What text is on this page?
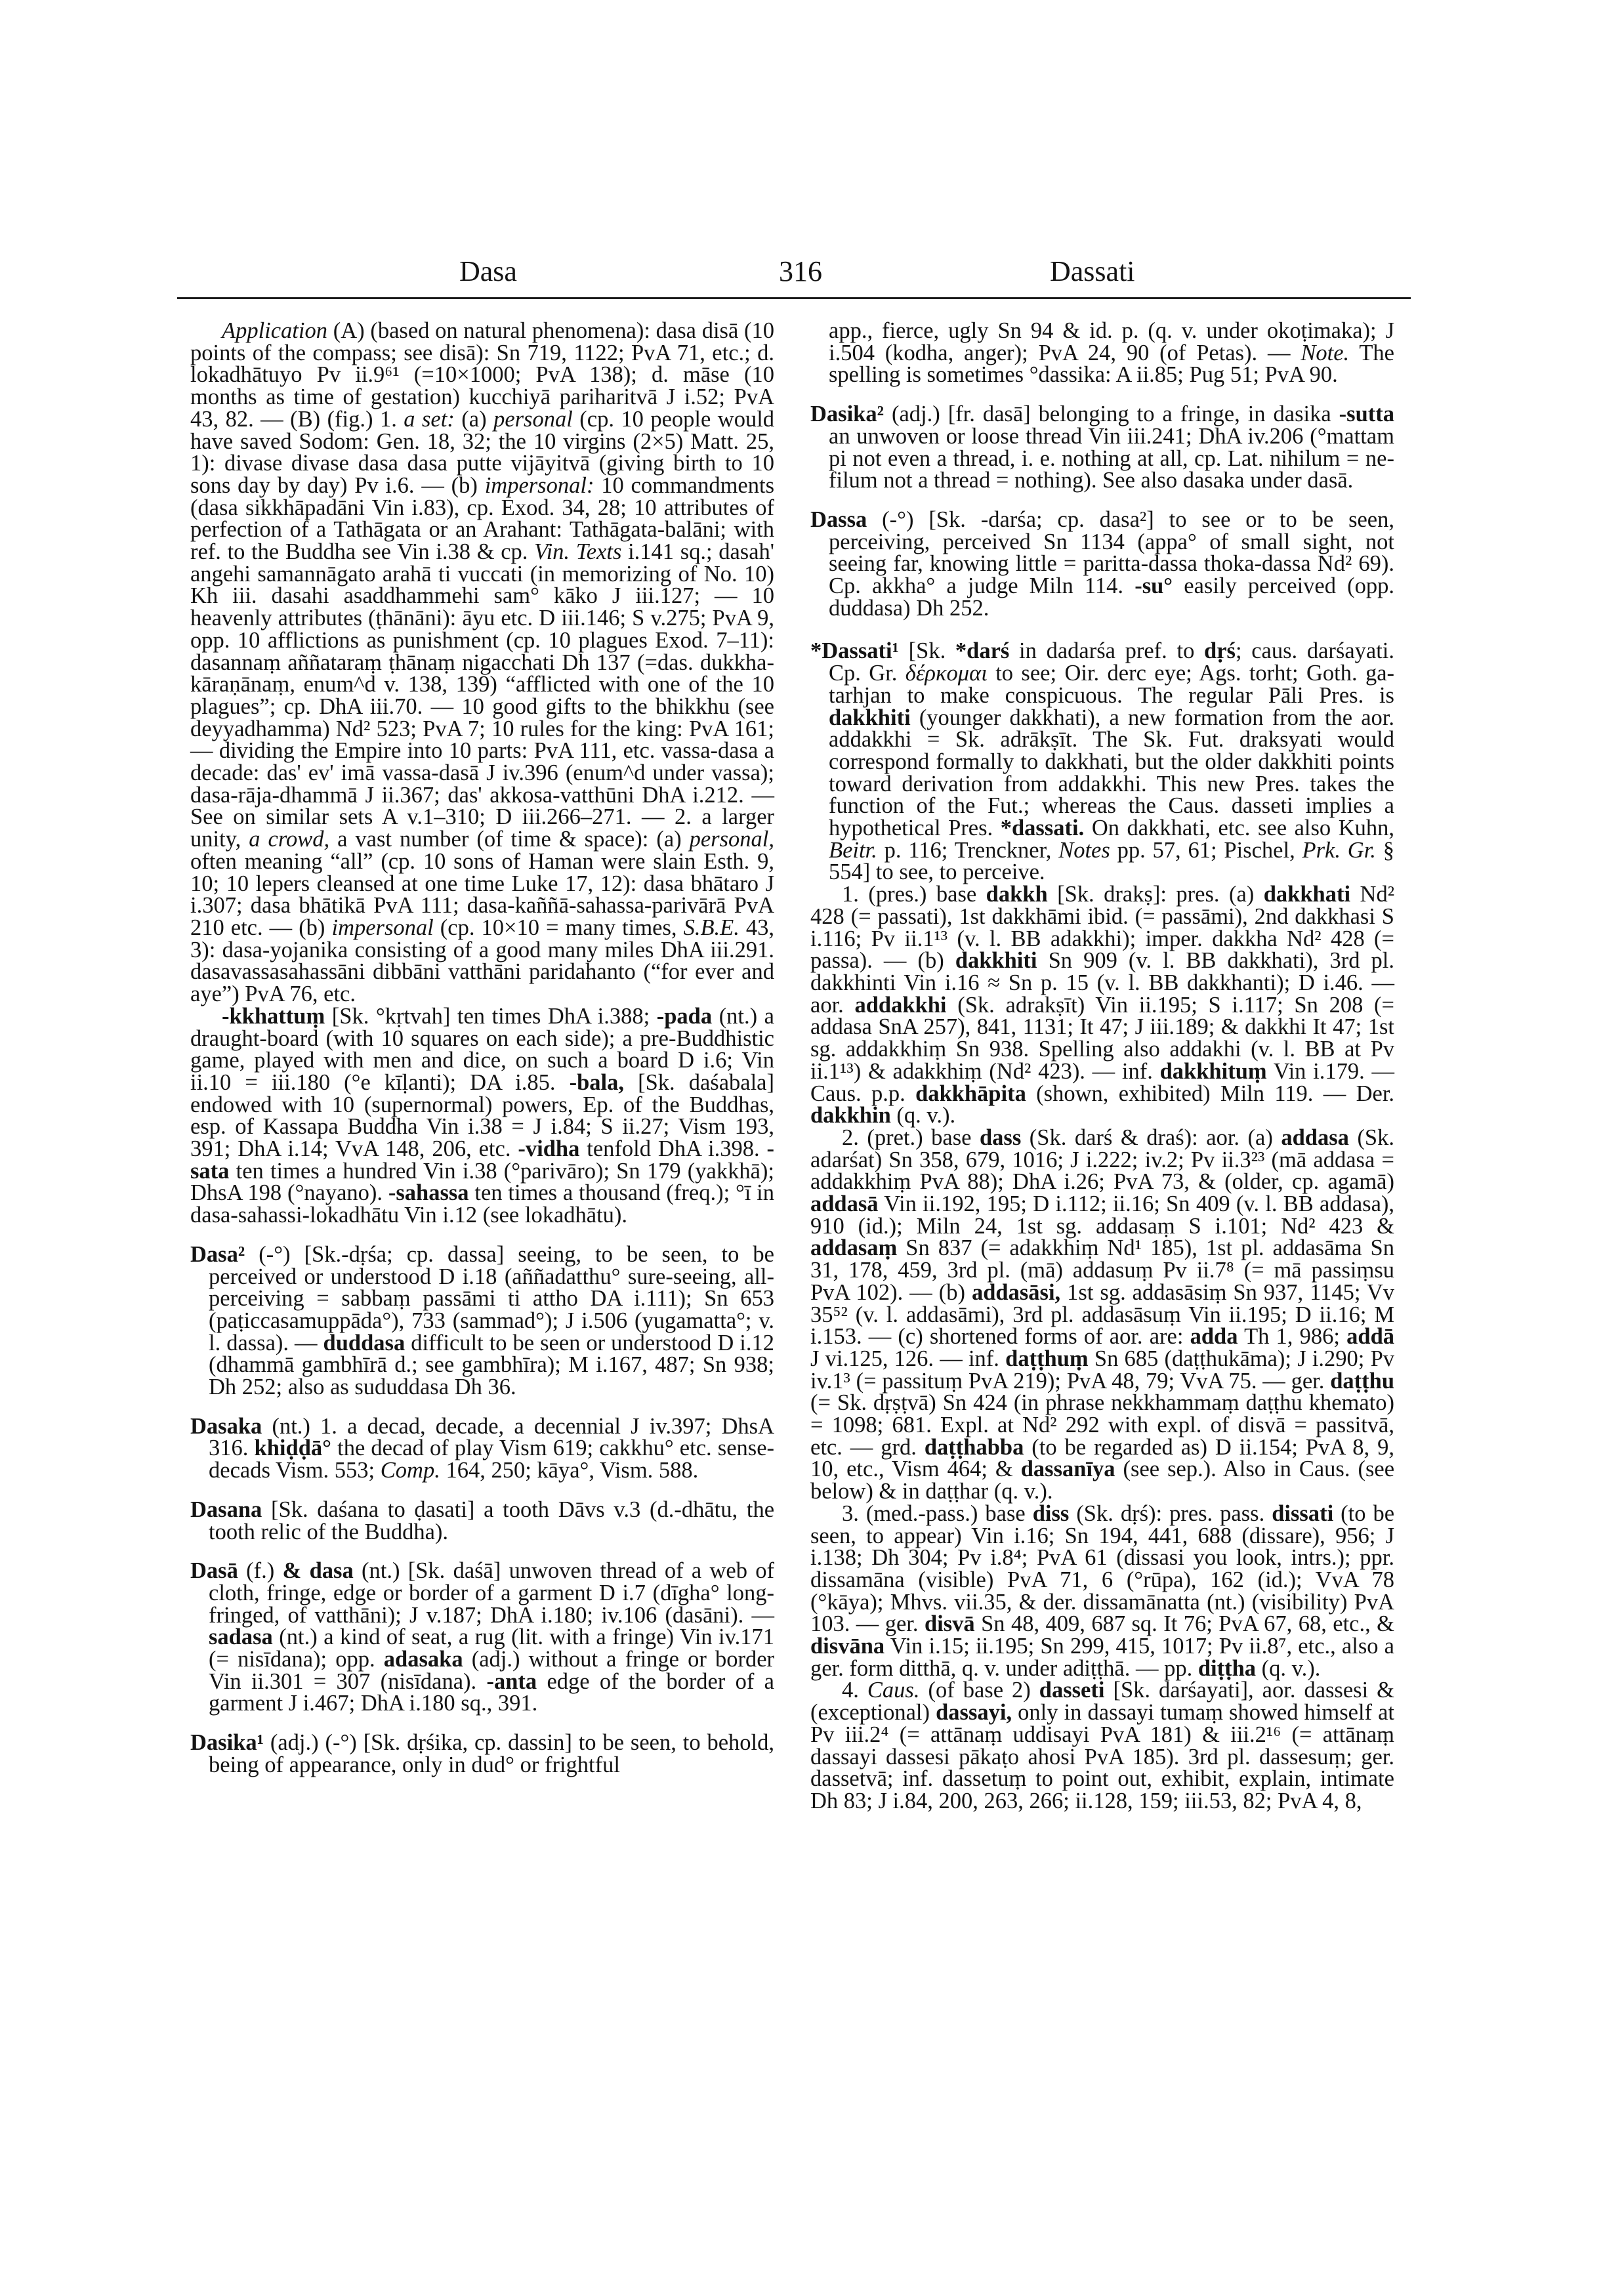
Dasa	316	Dassati

Application (A) (based on natural phenomena): dasa disā (10 points of the compass; see disā): Sn 719, 1122; PvA 71, etc.; d. lokadhātuyo Pv ii.9⁶¹ (=10×1000; PvA 138); d. māse (10 months as time of gestation) kucchiyā pariharitvā J i.52; PvA 43, 82. — (B) (fig.) 1. a set: (a) personal (cp. 10 people would have saved Sodom: Gen. 18, 32; the 10 virgins (2×5) Matt. 25, 1): divase divase dasa dasa putte vijāyitvā (giving birth to 10 sons day by day) Pv i.6. — (b) impersonal: 10 commandments (dasa sikkhāpadāni Vin i.83), cp. Exod. 34, 28; 10 attributes of perfection of a Tathāgata or an Arahant: Tathāgata-balāni; with ref. to the Buddha see Vin i.38 & cp. Vin. Texts i.141 sq.; dasah' angehi samannāgato arahā ti vuccati (in memorizing of No. 10) Kh iii. dasahi asaddhammehi sam° kāko J iii.127; — 10 heavenly attributes (ṭhānāni): āyu etc. D iii.146; S v.275; PvA 9, opp. 10 afflictions as punishment (cp. 10 plagues Exod. 7–11): dasannaṃ aññataraṃ ṭhānaṃ nigacchati Dh 137 (=das. dukkha-kāraṇānaṃ, enum^d v. 138, 139) “afflicted with one of the 10 plagues”; cp. DhA iii.70. — 10 good gifts to the bhikkhu (see deyyadhamma) Nd² 523; PvA 7; 10 rules for the king: PvA 161; — dividing the Empire into 10 parts: PvA 111, etc. vassa-dasa a decade: das' ev' imā vassa-dasā J iv.396 (enum^d under vassa); dasa-rāja-dhammā J ii.367; das' akkosa-vatthūni DhA i.212. — See on similar sets A v.1–310; D iii.266–271. — 2. a larger unity, a crowd, a vast number (of time & space): (a) personal, often meaning “all” (cp. 10 sons of Haman were slain Esth. 9, 10; 10 lepers cleansed at one time Luke 17, 12): dasa bhātaro J i.307; dasa bhātikā PvA 111; dasa-kaññā-sahassa-parivārā PvA 210 etc. — (b) impersonal (cp. 10×10 = many times, S.B.E. 43, 3): dasa-yojanika consisting of a good many miles DhA iii.291. dasavassasahassāni dibbāni vatthāni paridahanto (“for ever and aye”) PvA 76, etc.

-kkhattuṃ [Sk. °kṛtvah] ten times DhA i.388; -pada (nt.) a draught-board (with 10 squares on each side); a pre-Buddhistic game, played with men and dice, on such a board D i.6; Vin ii.10 = iii.180 (°e kīḷanti); DA i.85. -bala, [Sk. daśabala] endowed with 10 (supernormal) powers, Ep. of the Buddhas, esp. of Kassapa Buddha Vin i.38 = J i.84; S ii.27; Vism 193, 391; DhA i.14; VvA 148, 206, etc. -vidha tenfold DhA i.398. -sata ten times a hundred Vin i.38 (°parivāro); Sn 179 (yakkhā); DhsA 198 (°nayano). -sahassa ten times a thousand (freq.); °ī in dasa-sahassi-lokadhātu Vin i.12 (see lokadhātu).

Dasa² (-°) [Sk.-dṛśa; cp. dassa] seeing, to be seen, to be perceived or understood D i.18 (aññadatthu° sure-seeing, all-perceiving = sabbaṃ passāmi ti attho DA i.111); Sn 653 (paṭiccasamuppāda°), 733 (sammad°); J i.506 (yugamatta°; v. l. dassa). — duddasa difficult to be seen or understood D i.12 (dhammā gambhīrā d.; see gambhīra); M i.167, 487; Sn 938; Dh 252; also as sududdasa Dh 36.

Dasaka (nt.) 1. a decad, decade, a decennial J iv.397; DhsA 316. khiḍḍā° the decad of play Vism 619; cakkhu° etc. sense-decads Vism. 553; Comp. 164, 250; kāya°, Vism. 588.

Dasana [Sk. daśana to ḍasati] a tooth Dāvs v.3 (d.-dhātu, the tooth relic of the Buddha).

Dasā (f.) & dasa (nt.) [Sk. daśā] unwoven thread of a web of cloth, fringe, edge or border of a garment D i.7 (dīgha° long-fringed, of vatthāni); J v.187; DhA i.180; iv.106 (dasāni). — sadasa (nt.) a kind of seat, a rug (lit. with a fringe) Vin iv.171 (= nisīdana); opp. adasaka (adj.) without a fringe or border Vin ii.301 = 307 (nisīdana). -anta edge of the border of a garment J i.467; DhA i.180 sq., 391.

Dasika¹ (adj.) (-°) [Sk. dṛśika, cp. dassin] to be seen, to behold, being of appearance, only in dud° or frightful

app., fierce, ugly Sn 94 & id. p. (q. v. under okoṭimaka); J i.504 (kodha, anger); PvA 24, 90 (of Petas). — Note. The spelling is sometimes °dassika: A ii.85; Pug 51; PvA 90.

Dasika² (adj.) [fr. dasā] belonging to a fringe, in dasika -sutta an unwoven or loose thread Vin iii.241; DhA iv.206 (°mattam pi not even a thread, i. e. nothing at all, cp. Lat. nihilum = ne-filum not a thread = nothing). See also dasaka under dasā.

Dassa (-°) [Sk. -darśa; cp. dasa²] to see or to be seen, perceiving, perceived Sn 1134 (appa° of small sight, not seeing far, knowing little = paritta-dassa thoka-dassa Nd² 69). Cp. akkha° a judge Miln 114. -su° easily perceived (opp. duddasa) Dh 252.

*Dassati¹ [Sk. *darś in dadarśa pref. to dṛś; caus. darśayati. Cp. Gr. δέρκομαι to see; Oir. derc eye; Ags. torht; Goth. ga-tarhjan to make conspicuous. The regular Pāli Pres. is dakkhiti (younger dakkhati), a new formation from the aor. addakkhi = Sk. adrākṣīt. The Sk. Fut. draksyati would correspond formally to dakkhati, but the older dakkhiti points toward derivation from addakkhi. This new Pres. takes the function of the Fut.; whereas the Caus. dasseti implies a hypothetical Pres. *dassati. On dakkhati, etc. see also Kuhn, Beitr. p. 116; Trenckner, Notes pp. 57, 61; Pischel, Prk. Gr. § 554] to see, to perceive.

1. (pres.) base dakkh [Sk. drakṣ]: pres. (a) dakkhati Nd² 428 (= passati), 1st dakkhāmi ibid. (= passāmi), 2nd dakkhasi S i.116; Pv ii.1¹³ (v. l. BB adakkhi); imper. dakkha Nd² 428 (= passa). — (b) dakkhiti Sn 909 (v. l. BB dakkhati), 3rd pl. dakkhinti Vin i.16 ≈ Sn p. 15 (v. l. BB dakkhanti); D i.46. — aor. addakkhi (Sk. adrakṣīt) Vin ii.195; S i.117; Sn 208 (= addasa SnA 257), 841, 1131; It 47; J iii.189; & dakkhi It 47; 1st sg. addakkhiṃ Sn 938. Spelling also addakhi (v. l. BB at Pv ii.1¹³) & adakkhiṃ (Nd² 423). — inf. dakkhituṃ Vin i.179. — Caus. p.p. dakkhāpita (shown, exhibited) Miln 119. — Der. dakkhin (q. v.).

2. (pret.) base dass (Sk. darś & draś): aor. (a) addasa (Sk. adarśat) Sn 358, 679, 1016; J i.222; iv.2; Pv ii.3²³ (mā addasa = addakkhiṃ PvA 88); DhA i.26; PvA 73, & (older, cp. agamā) addasā Vin ii.192, 195; D i.112; ii.16; Sn 409 (v. l. BB addasa), 910 (id.); Miln 24, 1st sg. addasaṃ S i.101; Nd² 423 & addasaṃ Sn 837 (= adakkhiṃ Nd¹ 185), 1st pl. addasāma Sn 31, 178, 459, 3rd pl. (mā) addasuṃ Pv ii.7⁸ (= mā passiṃsu PvA 102). — (b) addasāsi, 1st sg. addasāsiṃ Sn 937, 1145; Vv 35⁵² (v. l. addasāmi), 3rd pl. addasāsuṃ Vin ii.195; D ii.16; M i.153. — (c) shortened forms of aor. are: adda Th 1, 986; addā J vi.125, 126. — inf. daṭṭhuṃ Sn 685 (daṭṭhukāma); J i.290; Pv iv.1³ (= passituṃ PvA 219); PvA 48, 79; VvA 75. — ger. daṭṭhu (= Sk. dṛṣṭvā) Sn 424 (in phrase nekkhammaṃ daṭṭhu khemato) = 1098; 681. Expl. at Nd² 292 with expl. of disvā = passitvā, etc. — grd. daṭṭhabba (to be regarded as) D ii.154; PvA 8, 9, 10, etc., Vism 464; & dassanīya (see sep.). Also in Caus. (see below) & in daṭṭhar (q. v.).

3. (med.-pass.) base diss (Sk. dṛś): pres. pass. dissati (to be seen, to appear) Vin i.16; Sn 194, 441, 688 (dissare), 956; J i.138; Dh 304; Pv i.8⁴; PvA 61 (dissasi you look, intrs.); ppr. dissamāna (visible) PvA 71, 6 (°rūpa), 162 (id.); VvA 78 (°kāya); Mhvs. vii.35, & der. dissamānatta (nt.) (visibility) PvA 103. — ger. disvā Sn 48, 409, 687 sq. It 76; PvA 67, 68, etc., & disvāna Vin i.15; ii.195; Sn 299, 415, 1017; Pv ii.8⁷, etc., also a ger. form ditthā, q. v. under adiṭṭhā. — pp. diṭṭha (q. v.).

4. Caus. (of base 2) dasseti [Sk. darśayati], aor. dassesi & (exceptional) dassayi, only in dassayi tumaṃ showed himself at Pv iii.2⁴ (= attānaṃ uddisayi PvA 181) & iii.2¹⁶ (= attānaṃ dassayi dassesi pākaṭo ahosi PvA 185). 3rd pl. dassesuṃ; ger. dassetvā; inf. dassetuṃ to point out, exhibit, explain, intimate Dh 83; J i.84, 200, 263, 266; ii.128, 159; iii.53, 82; PvA 4, 8,
